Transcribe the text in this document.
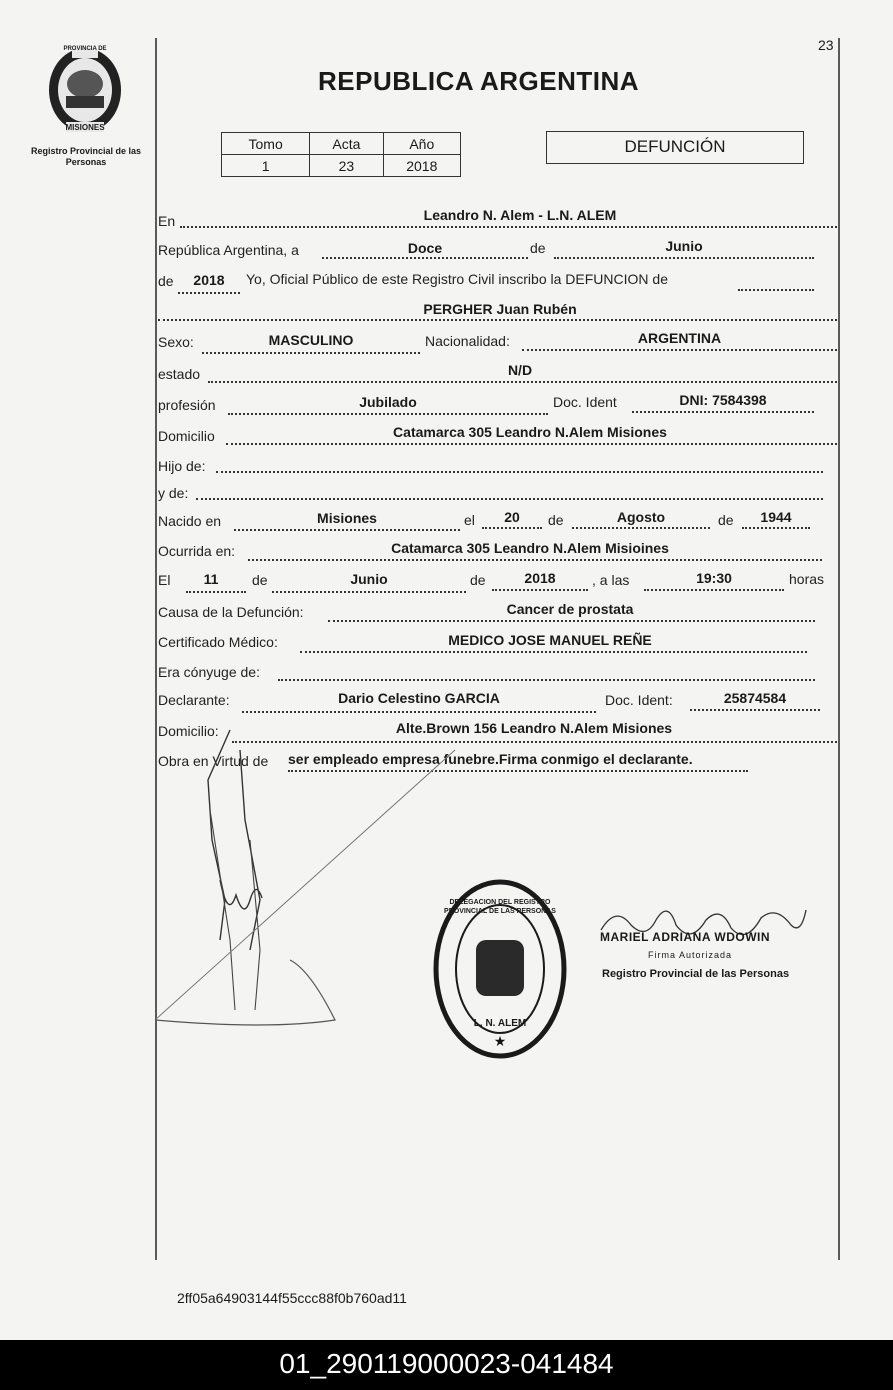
23
PROVINCIA DE
MISIONES
Registro Provincial de las Personas
REPUBLICA ARGENTINA
Tomo	Acta	Año
1	23	2018
DEFUNCIÓN
En	Leandro N. Alem - L.N. ALEM
República Argentina, a	Doce	de	Junio
de	2018	Yo, Oficial Público de este Registro Civil inscribo la DEFUNCION de
PERGHER Juan Rubén
Sexo:	MASCULINO	Nacionalidad:	ARGENTINA
estado	N/D
profesión	Jubilado	Doc. Ident	DNI: 7584398
Domicilio	Catamarca 305 Leandro N.Alem Misiones
Hijo de:
y de:
Nacido en	Misiones	el	20	de	Agosto	de	1944
Ocurrida en:	Catamarca 305 Leandro N.Alem Misioines
El	11	de	Junio	de	2018	, a las	19:30	horas
Causa de la Defunción:	Cancer de prostata
Certificado Médico:	MEDICO JOSE MANUEL REÑE
Era cónyuge de:
Declarante:	Dario Celestino GARCIA	Doc. Ident:	25874584
Domicilio:	Alte.Brown 156 Leandro N.Alem Misiones
Obra en Virtud de ser empleado empresa funebre.Firma conmigo el declarante.
★
DELEGACION DEL REGISTRO PROVINCIAL DE LAS PERSONAS
L. N. ALEM
MARIEL ADRIANA WDOWIN
Firma Autorizada
Registro Provincial de las Personas
2ff05a64903144f55ccc88f0b760ad11
01_290119000023-041484
